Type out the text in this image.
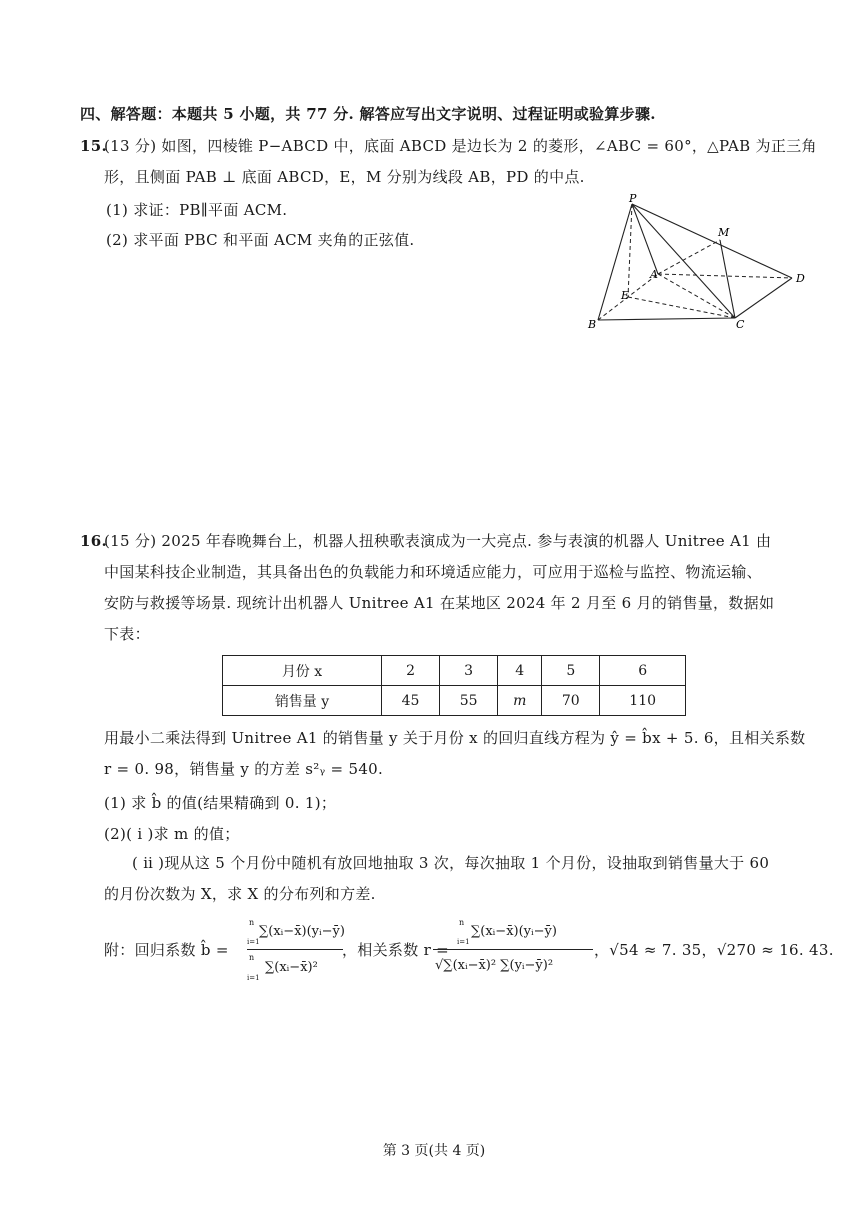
四、解答题：本题共 5 小题，共 77 分. 解答应写出文字说明、过程证明或验算步骤.
15.
(13 分) 如图，四棱锥 P−ABCD 中，底面 ABCD 是边长为 2 的菱形，∠ABC = 60°，△PAB 为正三角
形，且侧面 PAB ⊥ 底面 ABCD，E，M 分别为线段 AB，PD 的中点.
(1) 求证：PB∥平面 ACM.
(2) 求平面 PBC 和平面 ACM 夹角的正弦值.
P
M
A	D
E
B	C
16.
(15 分) 2025 年春晚舞台上，机器人扭秧歌表演成为一大亮点. 参与表演的机器人 Unitree A1 由
中国某科技企业制造，其具备出色的负载能力和环境适应能力，可应用于巡检与监控、物流运输、
安防与救援等场景. 现统计出机器人 Unitree A1 在某地区 2024 年 2 月至 6 月的销售量，数据如
下表：
月份 x	2	3	4	5	6
销售量 y	45	55	m	70	110
用最小二乘法得到 Unitree A1 的销售量 y 关于月份 x 的回归直线方程为 ŷ = b̂x + 5. 6，且相关系数
r = 0. 98，销售量 y 的方差 s²ᵧ = 540.
(1) 求 b̂ 的值(结果精确到 0. 1)；
(2)( ⅰ )求 m 的值；
( ⅱ )现从这 5 个月份中随机有放回地抽取 3 次，每次抽取 1 个月份，设抽取到销售量大于 60
的月份次数为 X，求 X 的分布列和方差.
附：回归系数 b̂ =
n
∑(xᵢ−x̄)(yᵢ−ȳ)
i=1
n
∑(xᵢ−x̄)²
i=1
，相关系数 r =
n
∑(xᵢ−x̄)(yᵢ−ȳ)
i=1
√∑(xᵢ−x̄)² ∑(yᵢ−ȳ)²
，√54 ≈ 7. 35，√270 ≈ 16. 43.
第 3 页(共 4 页)
